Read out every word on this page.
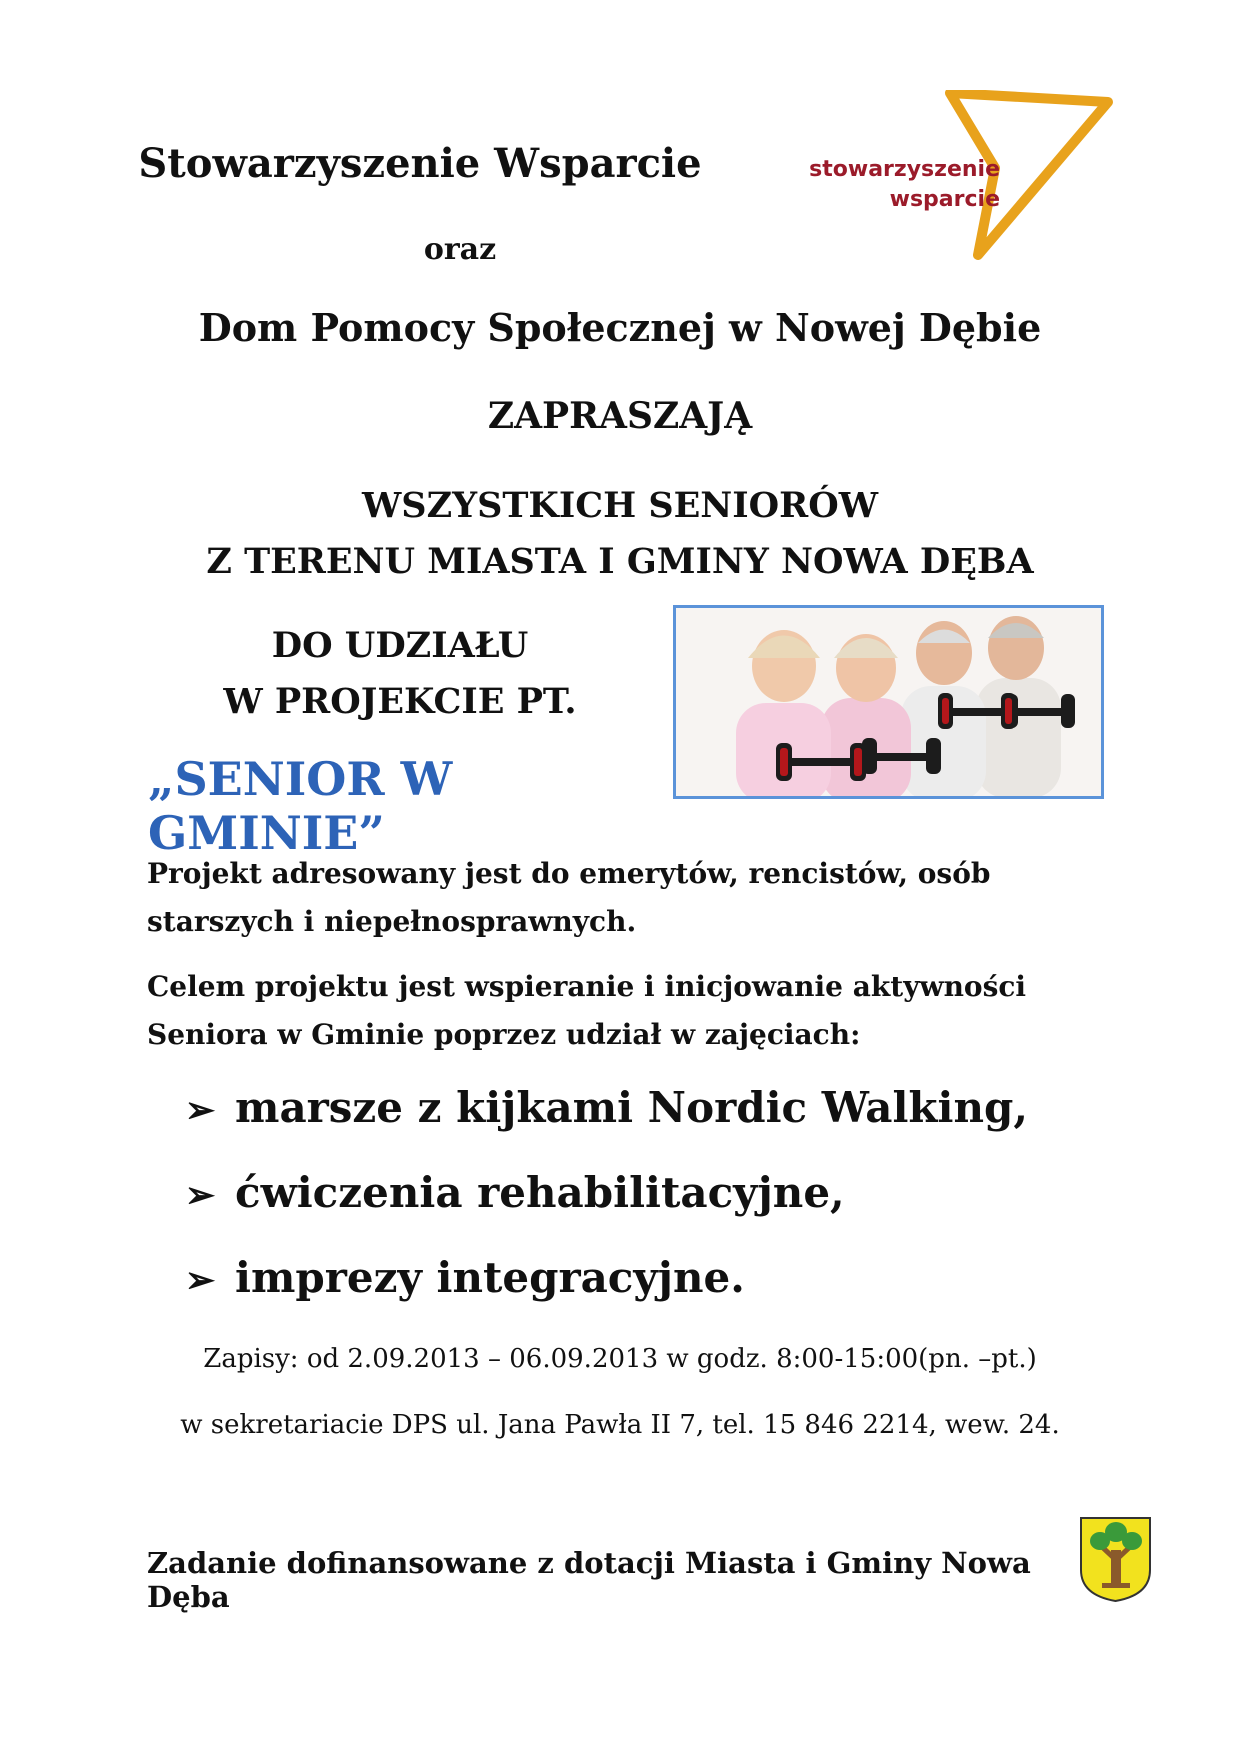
Stowarzyszenie Wsparcie
oraz
Dom Pomocy Społecznej w Nowej Dębie
ZAPRASZAJĄ
WSZYSTKICH SENIORÓW
Z TERENU MIASTA I GMINY NOWA DĘBA
DO UDZIAŁU
W PROJEKCIE PT.
„SENIOR W GMINIE”
stowarzyszenie
wsparcie
Projekt adresowany jest do emerytów, rencistów, osób
starszych i niepełnosprawnych.
Celem projektu jest wspieranie i inicjowanie aktywności
Seniora w Gminie poprzez udział w zajęciach:
➢ marsze z kijkami Nordic Walking,
➢ ćwiczenia rehabilitacyjne,
➢ imprezy integracyjne.
Zapisy: od 2.09.2013 – 06.09.2013 w godz. 8:00-15:00(pn. –pt.)
w sekretariacie DPS ul. Jana Pawła II 7, tel. 15 846 2214, wew. 24.
Zadanie dofinansowane z dotacji Miasta i Gminy Nowa Dęba
